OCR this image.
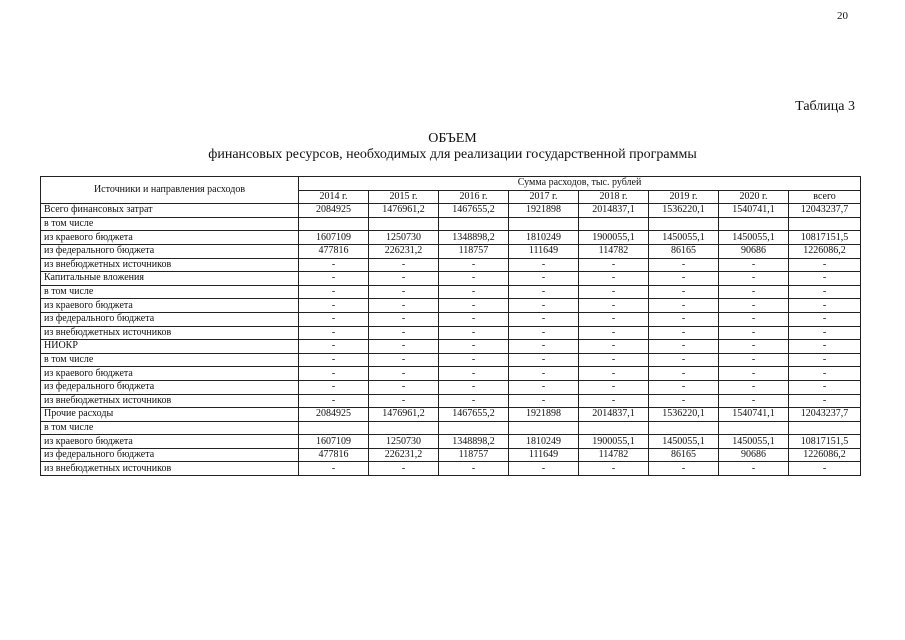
20
Таблица 3
ОБЪЕМ
финансовых ресурсов, необходимых для реализации государственной программы
Источники и направления расходов	Сумма расходов, тыс. рублей							
	2014 г.	2015 г.	2016 г.	2017 г.	2018 г.	2019 г.	2020 г.	всего
Всего финансовых затрат	2084925	1476961,2	1467655,2	1921898	2014837,1	1536220,1	1540741,1	12043237,7
в том числе								
из краевого бюджета	1607109	1250730	1348898,2	1810249	1900055,1	1450055,1	1450055,1	10817151,5
из федерального бюджета	477816	226231,2	118757	111649	114782	86165	90686	1226086,2
из внебюджетных источников	-	-	-	-	-	-	-	-
Капитальные вложения	-	-	-	-	-	-	-	-
в том числе	-	-	-	-	-	-	-	-
из краевого бюджета	-	-	-	-	-	-	-	-
из федерального бюджета	-	-	-	-	-	-	-	-
из внебюджетных источников	-	-	-	-	-	-	-	-
НИОКР	-	-	-	-	-	-	-	-
в том числе	-	-	-	-	-	-	-	-
из краевого бюджета	-	-	-	-	-	-	-	-
из федерального бюджета	-	-	-	-	-	-	-	-
из внебюджетных источников	-	-	-	-	-	-	-	-
Прочие расходы	2084925	1476961,2	1467655,2	1921898	2014837,1	1536220,1	1540741,1	12043237,7
в том числе								
из краевого бюджета	1607109	1250730	1348898,2	1810249	1900055,1	1450055,1	1450055,1	10817151,5
из федерального бюджета	477816	226231,2	118757	111649	114782	86165	90686	1226086,2
из внебюджетных источников	-	-	-	-	-	-	-	-
